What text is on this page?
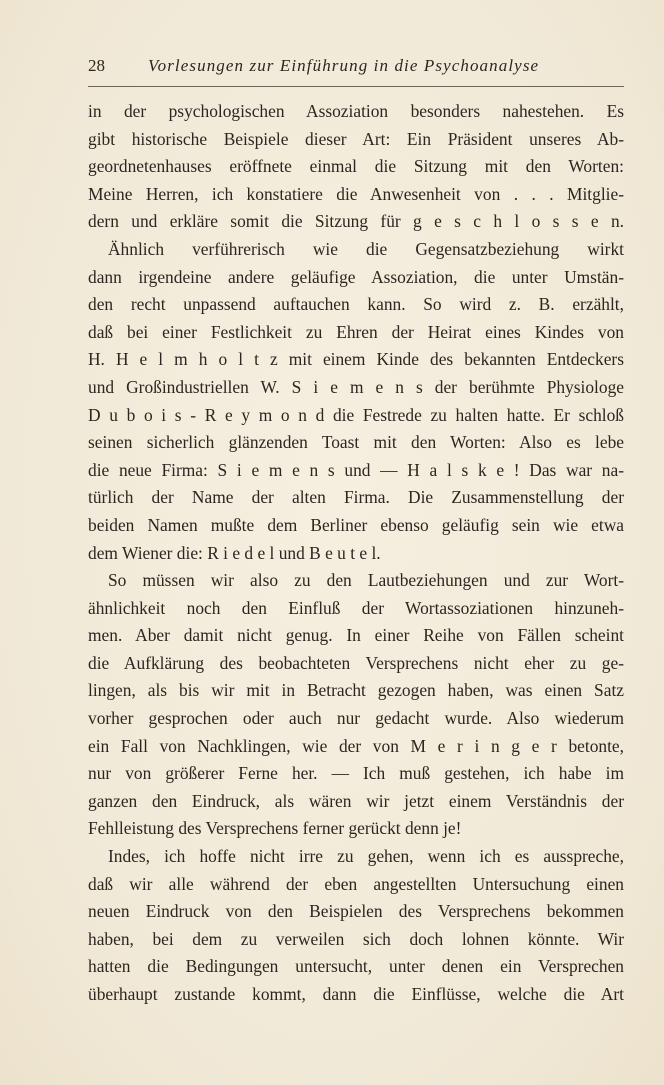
28	Vorlesungen zur Einführung in die Psychoanalyse
in der psychologischen Assoziation besonders nahestehen. Es
gibt historische Beispiele dieser Art: Ein Präsident unseres Ab-
geordnetenhauses eröffnete einmal die Sitzung mit den Worten:
Meine Herren, ich konstatiere die Anwesenheit von . . . Mitglie-
dern und erkläre somit die Sitzung für g e s c h l o s s e n.
Ähnlich verführerisch wie die Gegensatzbeziehung wirkt
dann irgendeine andere geläufige Assoziation, die unter Umstän-
den recht unpassend auftauchen kann. So wird z. B. erzählt,
daß bei einer Festlichkeit zu Ehren der Heirat eines Kindes von
H. H e l m h o l t z mit einem Kinde des bekannten Entdeckers
und Großindustriellen W. S i e m e n s der berühmte Physiologe
D u b o i s - R e y m o n d die Festrede zu halten hatte. Er schloß
seinen sicherlich glänzenden Toast mit den Worten: Also es lebe
die neue Firma: S i e m e n s und — H a l s k e ! Das war na-
türlich der Name der alten Firma. Die Zusammenstellung der
beiden Namen mußte dem Berliner ebenso geläufig sein wie etwa
dem Wiener die: R i e d e l und B e u t e l.
So müssen wir also zu den Lautbeziehungen und zur Wort-
ähnlichkeit noch den Einfluß der Wortassoziationen hinzuneh-
men. Aber damit nicht genug. In einer Reihe von Fällen scheint
die Aufklärung des beobachteten Versprechens nicht eher zu ge-
lingen, als bis wir mit in Betracht gezogen haben, was einen Satz
vorher gesprochen oder auch nur gedacht wurde. Also wiederum
ein Fall von Nachklingen, wie der von M e r i n g e r betonte,
nur von größerer Ferne her. — Ich muß gestehen, ich habe im
ganzen den Eindruck, als wären wir jetzt einem Verständnis der
Fehlleistung des Versprechens ferner gerückt denn je!
Indes, ich hoffe nicht irre zu gehen, wenn ich es ausspreche,
daß wir alle während der eben angestellten Untersuchung einen
neuen Eindruck von den Beispielen des Versprechens bekommen
haben, bei dem zu verweilen sich doch lohnen könnte. Wir
hatten die Bedingungen untersucht, unter denen ein Versprechen
überhaupt zustande kommt, dann die Einflüsse, welche die Art
